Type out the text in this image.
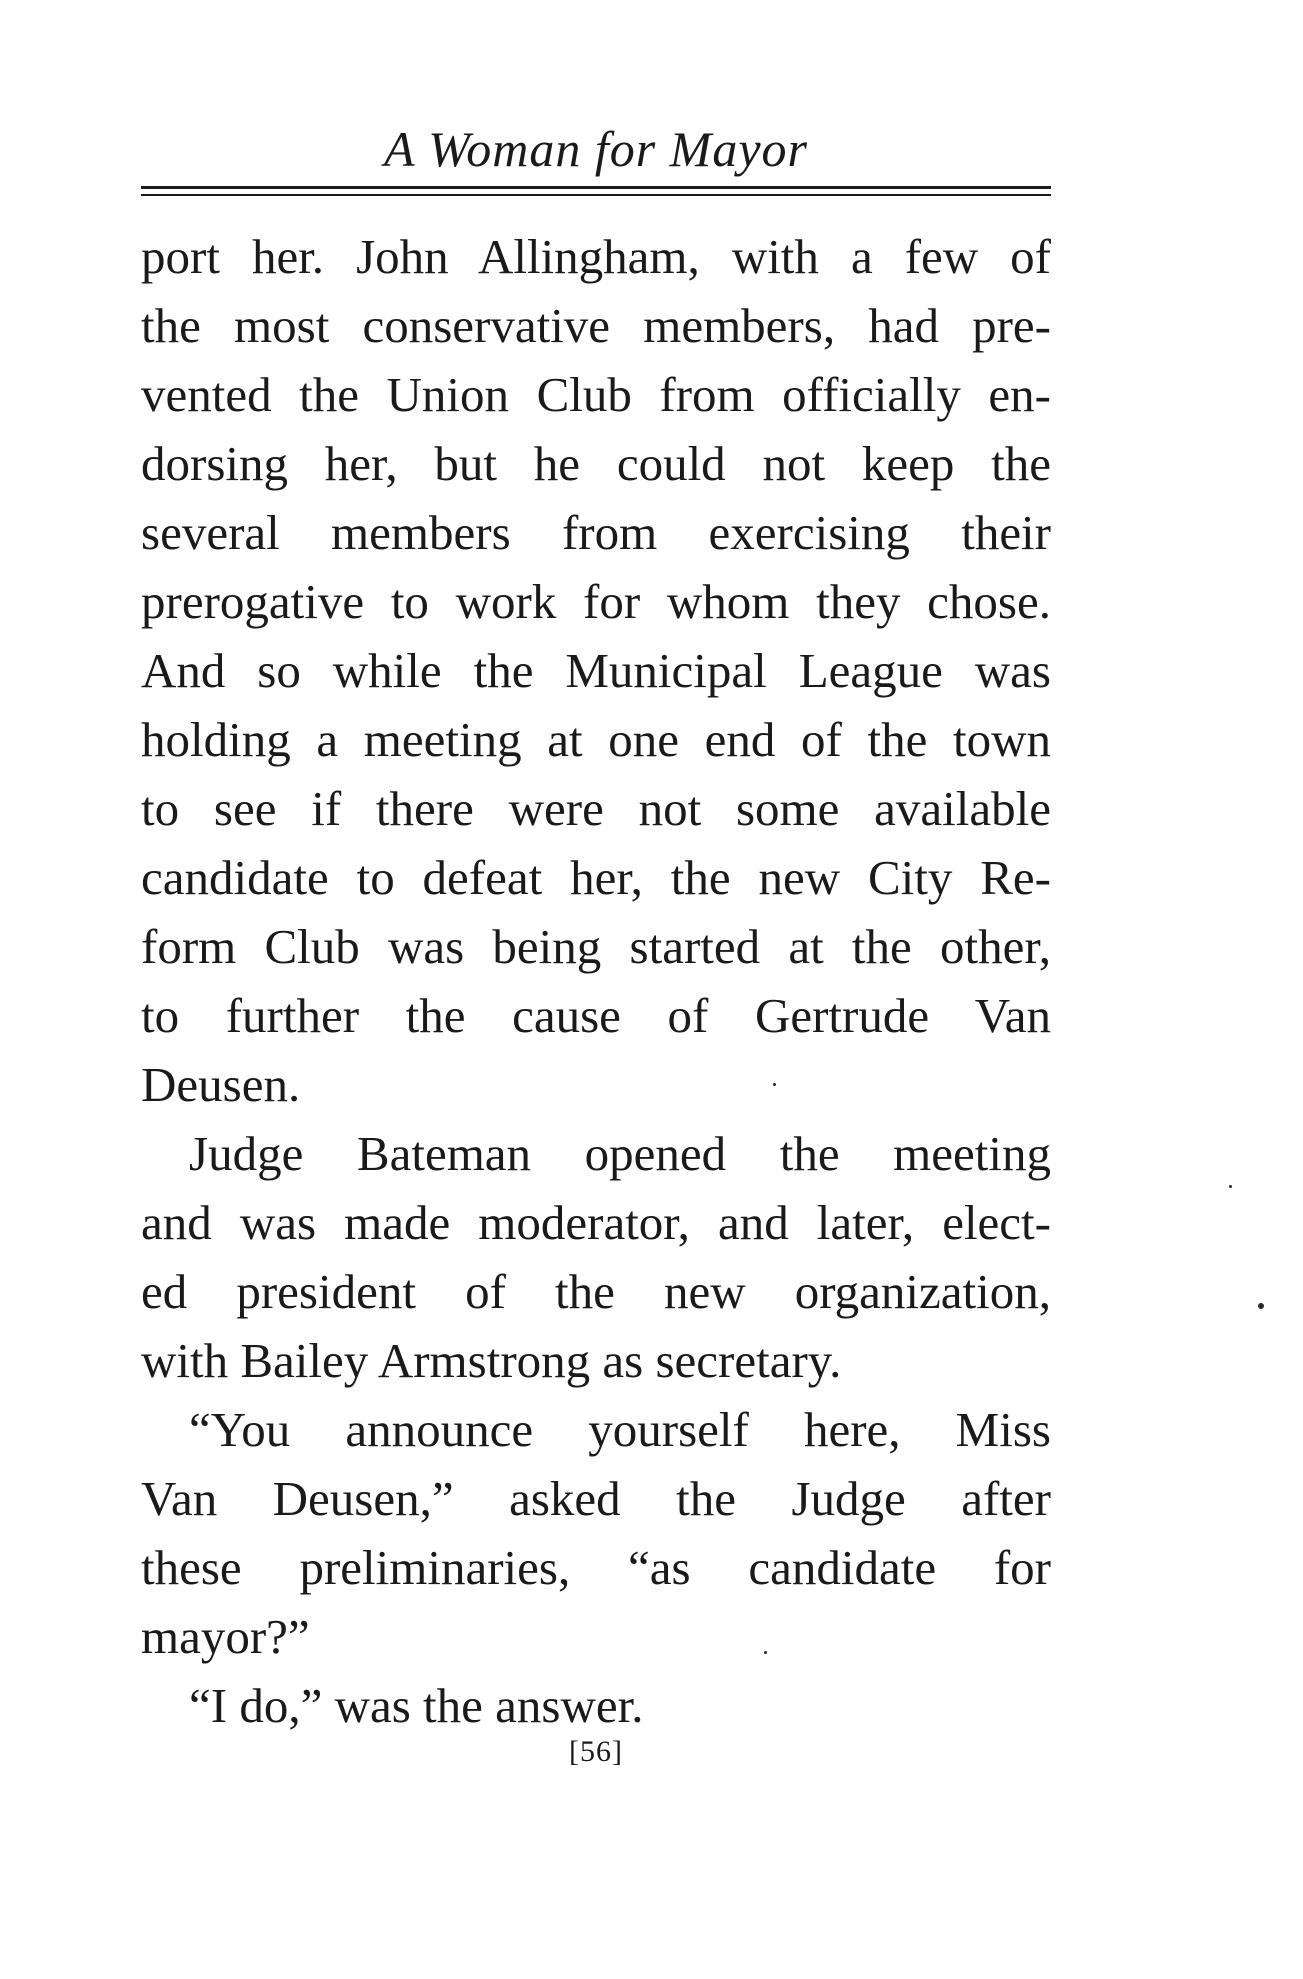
A Woman for Mayor
port her. John Allingham, with a few of
the most conservative members, had pre-
vented the Union Club from officially en-
dorsing her, but he could not keep the
several members from exercising their
prerogative to work for whom they chose.
And so while the Municipal League was
holding a meeting at one end of the town
to see if there were not some available
candidate to defeat her, the new City Re-
form Club was being started at the other,
to further the cause of Gertrude Van
Deusen.
Judge Bateman opened the meeting
and was made moderator, and later, elect-
ed president of the new organization,
with Bailey Armstrong as secretary.
“You announce yourself here, Miss
Van Deusen,” asked the Judge after
these preliminaries, “as candidate for
mayor?”
“I do,” was the answer.
[56]
